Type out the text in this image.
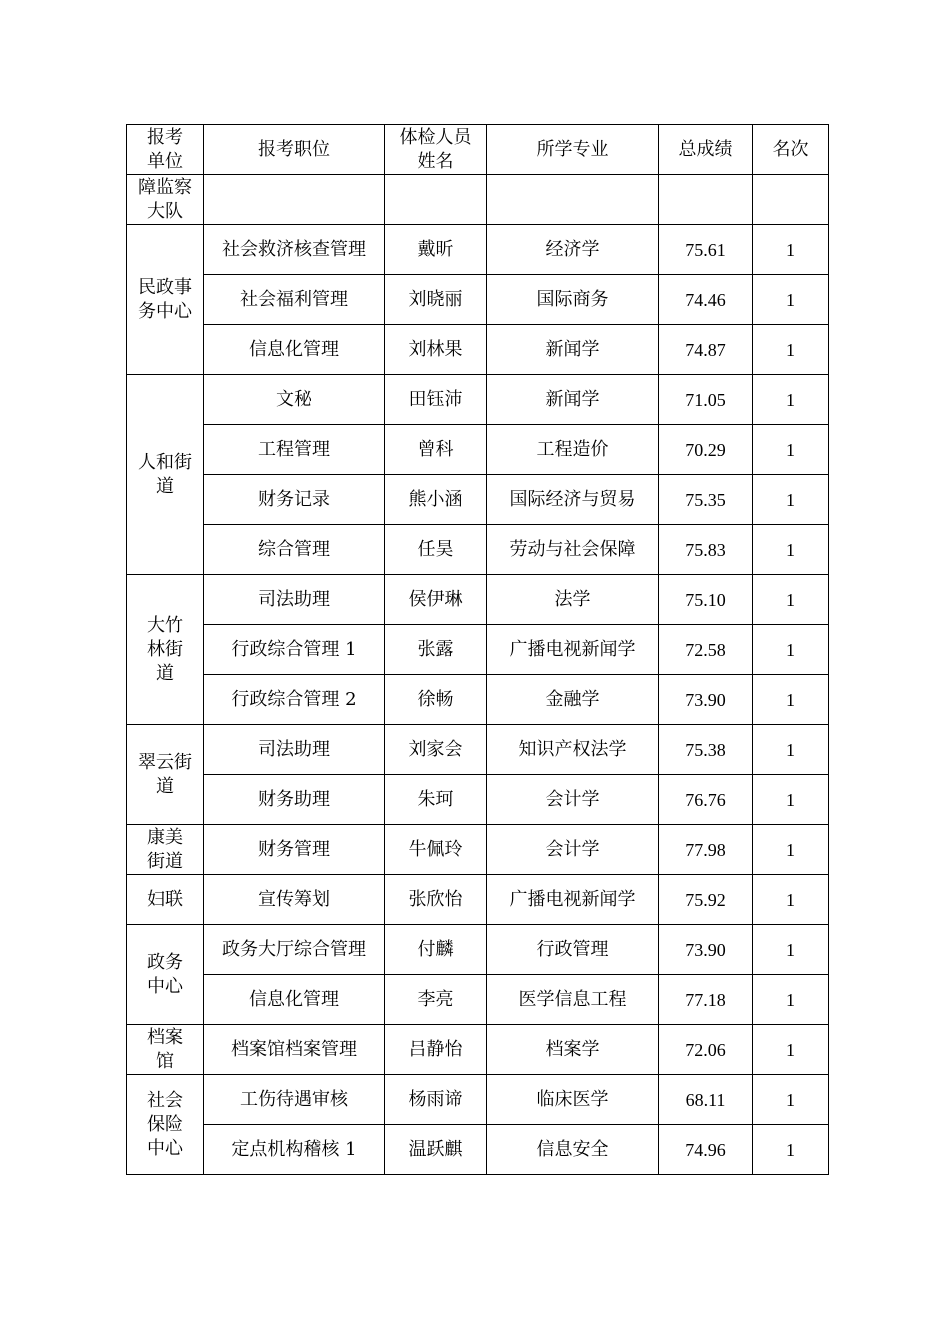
报考单位	报考职位	体检人员姓名	所学专业	总成绩	名次
障监察大队					
民政事务中心	社会救济核查管理	戴昕	经济学	75.61	1
	社会福利管理	刘晓丽	国际商务	74.46	1
	信息化管理	刘林果	新闻学	74.87	1
人和街道	文秘	田钰沛	新闻学	71.05	1
	工程管理	曾科	工程造价	70.29	1
	财务记录	熊小涵	国际经济与贸易	75.35	1
	综合管理	任昊	劳动与社会保障	75.83	1
大竹林街道	司法助理	侯伊琳	法学	75.10	1
	行政综合管理 1	张露	广播电视新闻学	72.58	1
	行政综合管理 2	徐畅	金融学	73.90	1
翠云街道	司法助理	刘家会	知识产权法学	75.38	1
	财务助理	朱珂	会计学	76.76	1
康美街道	财务管理	牛佩玲	会计学	77.98	1
妇联	宣传筹划	张欣怡	广播电视新闻学	75.92	1
政务中心	政务大厅综合管理	付麟	行政管理	73.90	1
	信息化管理	李亮	医学信息工程	77.18	1
档案馆	档案馆档案管理	吕静怡	档案学	72.06	1
社会保险中心	工伤待遇审核	杨雨谛	临床医学	68.11	1
	定点机构稽核 1	温跃麒	信息安全	74.96	1
